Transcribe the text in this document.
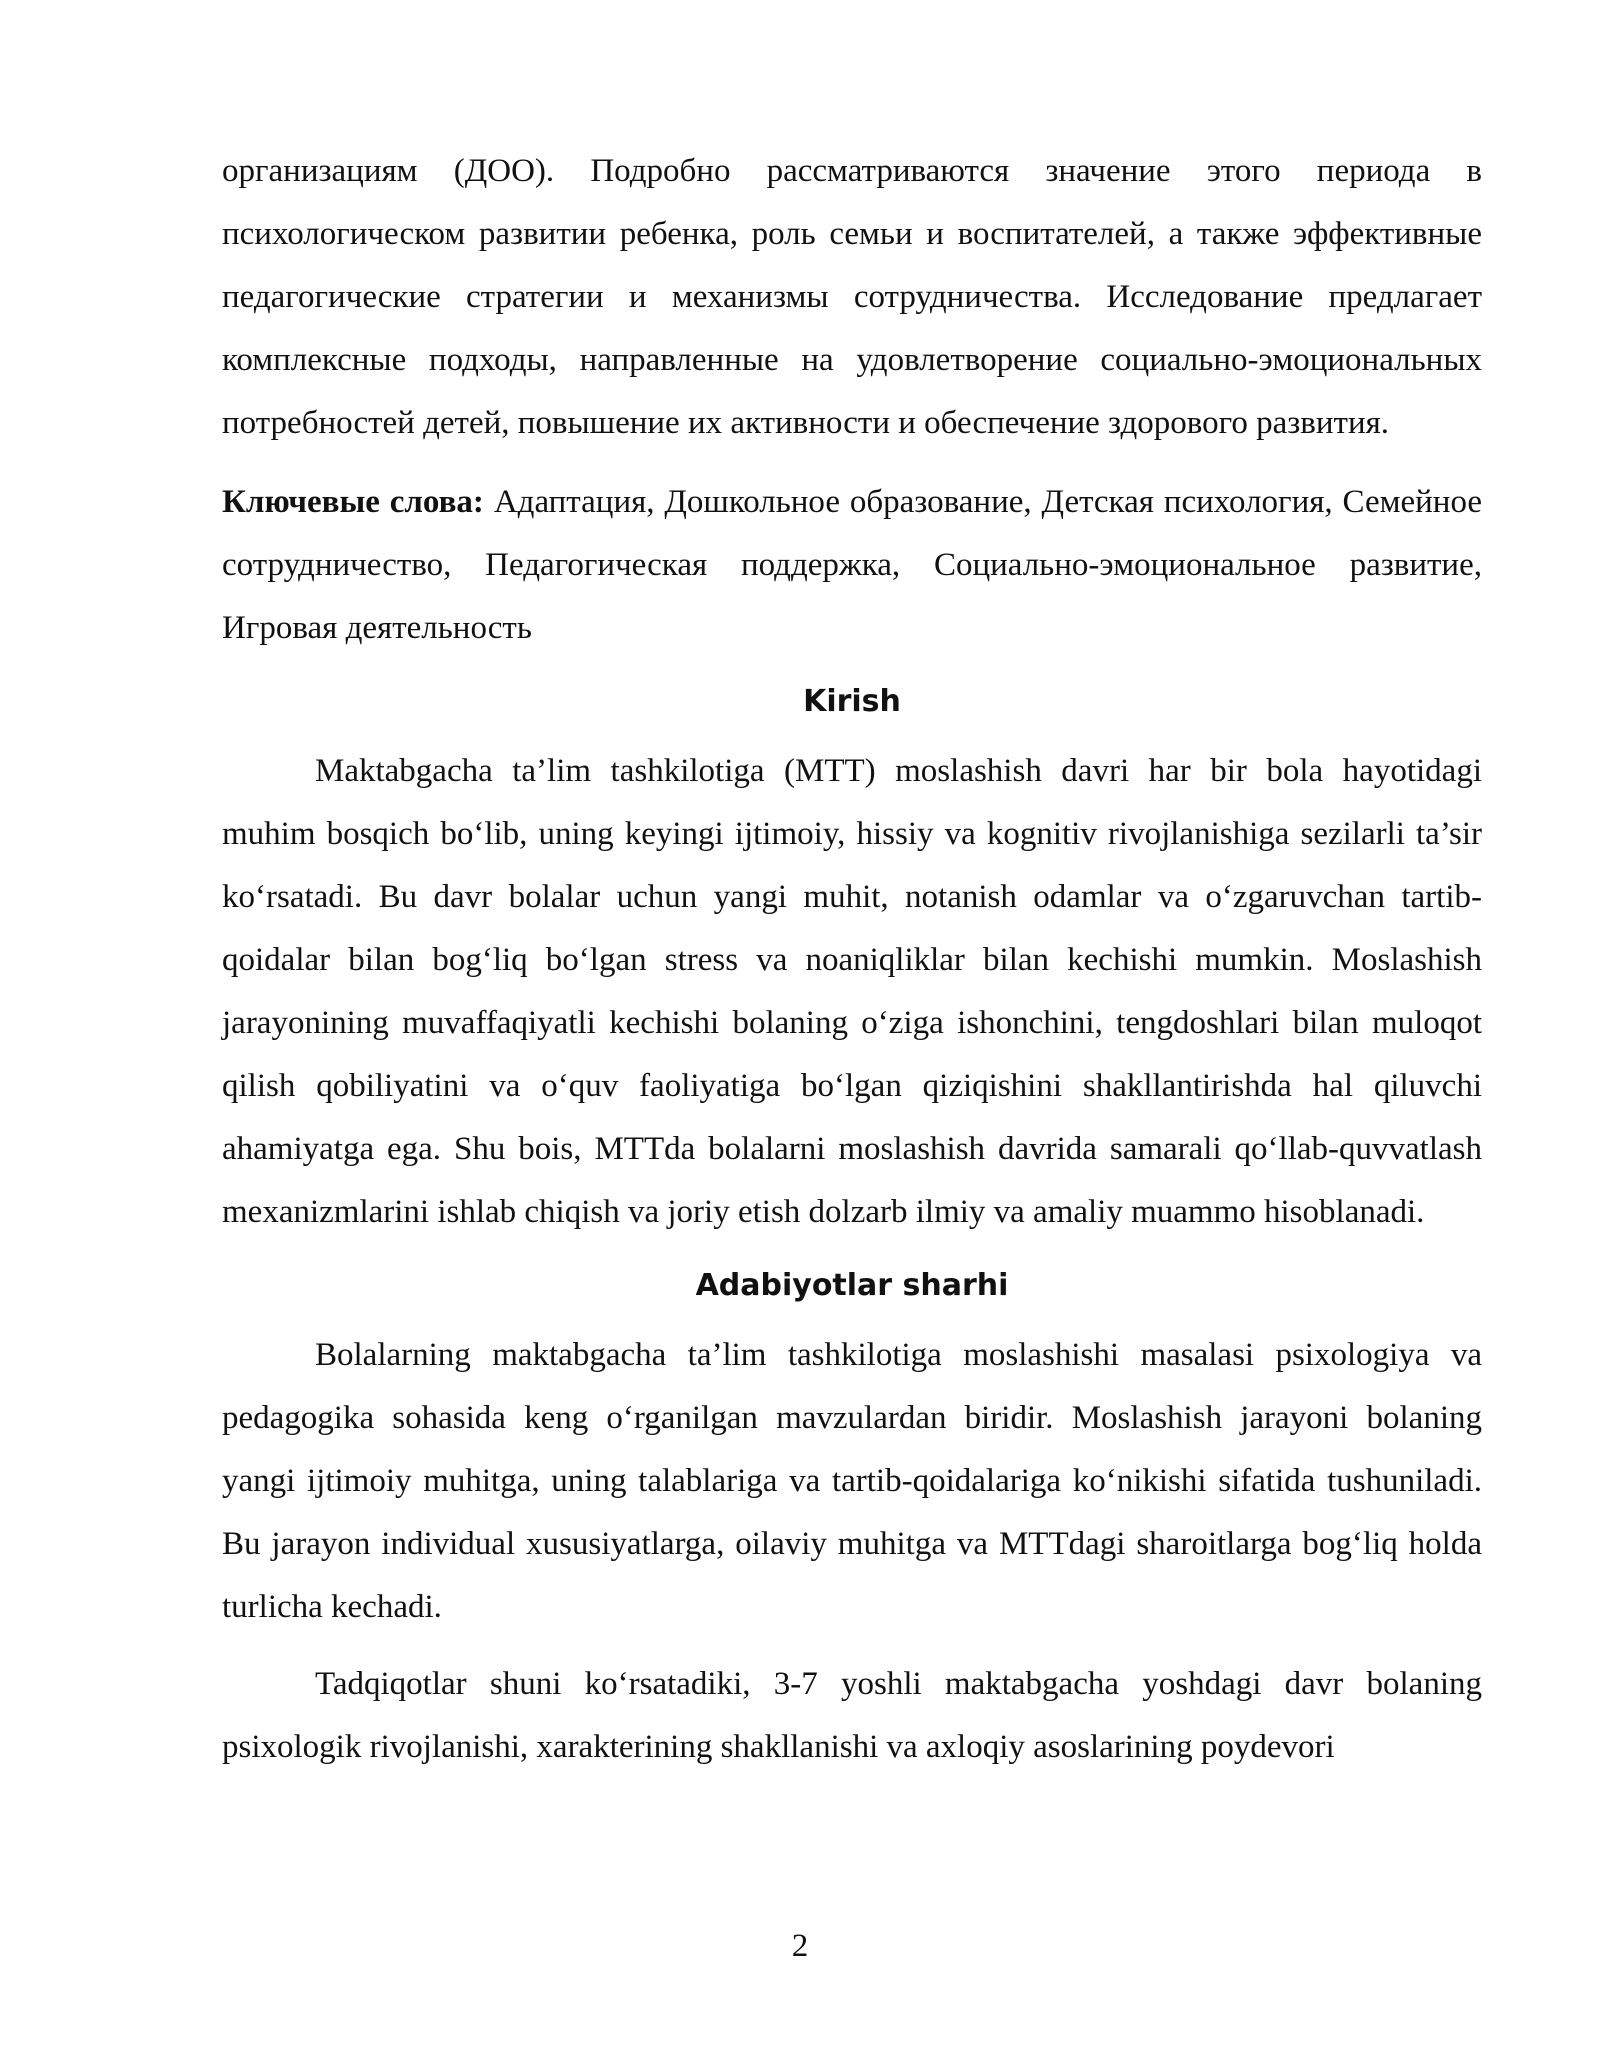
организациям (ДОО). Подробно рассматриваются значение этого периода в психологическом развитии ребенка, роль семьи и воспитателей, а также эффективные педагогические стратегии и механизмы сотрудничества. Исследование предлагает комплексные подходы, направленные на удовлетворение социально-эмоциональных потребностей детей, повышение их активности и обеспечение здорового развития.

Ключевые слова: Адаптация, Дошкольное образование, Детская психология, Семейное сотрудничество, Педагогическая поддержка, Социально-эмоциональное развитие, Игровая деятельность

Kirish

Maktabgacha ta’lim tashkilotiga (MTT) moslashish davri har bir bola hayotidagi muhim bosqich bo‘lib, uning keyingi ijtimoiy, hissiy va kognitiv rivojlanishiga sezilarli ta’sir ko‘rsatadi. Bu davr bolalar uchun yangi muhit, notanish odamlar va o‘zgaruvchan tartib-qoidalar bilan bog‘liq bo‘lgan stress va noaniqliklar bilan kechishi mumkin. Moslashish jarayonining muvaffaqiyatli kechishi bolaning o‘ziga ishonchini, tengdoshlari bilan muloqot qilish qobiliyatini va o‘quv faoliyatiga bo‘lgan qiziqishini shakllantirishda hal qiluvchi ahamiyatga ega. Shu bois, MTTda bolalarni moslashish davrida samarali qo‘llab-quvvatlash mexanizmlarini ishlab chiqish va joriy etish dolzarb ilmiy va amaliy muammo hisoblanadi.

Adabiyotlar sharhi

Bolalarning maktabgacha ta’lim tashkilotiga moslashishi masalasi psixologiya va pedagogika sohasida keng o‘rganilgan mavzulardan biridir. Moslashish jarayoni bolaning yangi ijtimoiy muhitga, uning talablariga va tartib-qoidalariga ko‘nikishi sifatida tushuniladi. Bu jarayon individual xususiyatlarga, oilaviy muhitga va MTTdagi sharoitlarga bog‘liq holda turlicha kechadi.

Tadqiqotlar shuni ko‘rsatadiki, 3-7 yoshli maktabgacha yoshdagi davr bolaning psixologik rivojlanishi, xarakterining shakllanishi va axloqiy asoslarining poydevori

2
